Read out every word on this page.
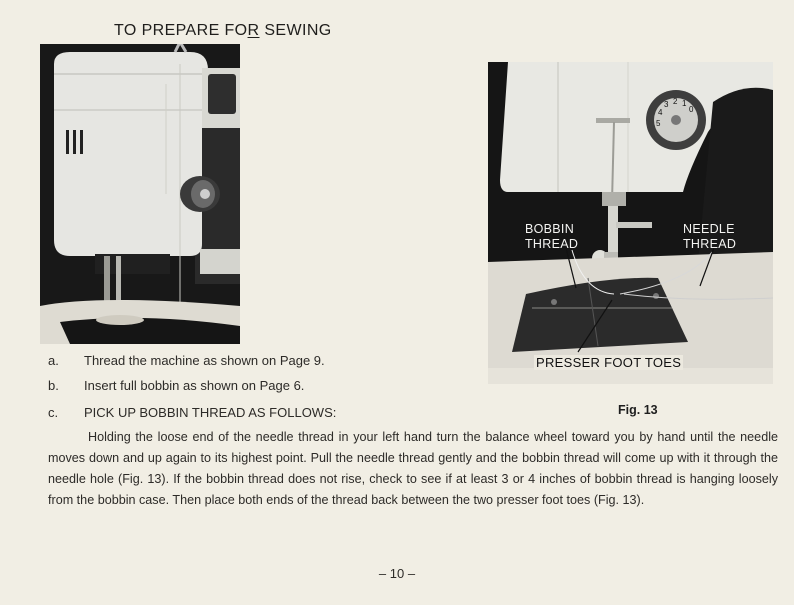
TO PREPARE FOR SEWING
3 2 1
0
4
5
BOBBIN
THREAD
NEEDLE
THREAD
PRESSER FOOT TOES
Fig. 13
a. Thread the machine as shown on Page 9.
b. Insert full bobbin as shown on Page 6.
c. PICK UP BOBBIN THREAD AS FOLLOWS:

Holding the loose end of the needle thread in your left hand turn the balance wheel toward you by hand until the needle moves down and up again to its highest point. Pull the needle thread gently and the bobbin thread will come up with it through the needle hole (Fig. 13). If the bobbin thread does not rise, check to see if at least 3 or 4 inches of bobbin thread is hanging loosely from the bobbin case. Then place both ends of the thread back between the two presser foot toes (Fig. 13).

– 10 –
